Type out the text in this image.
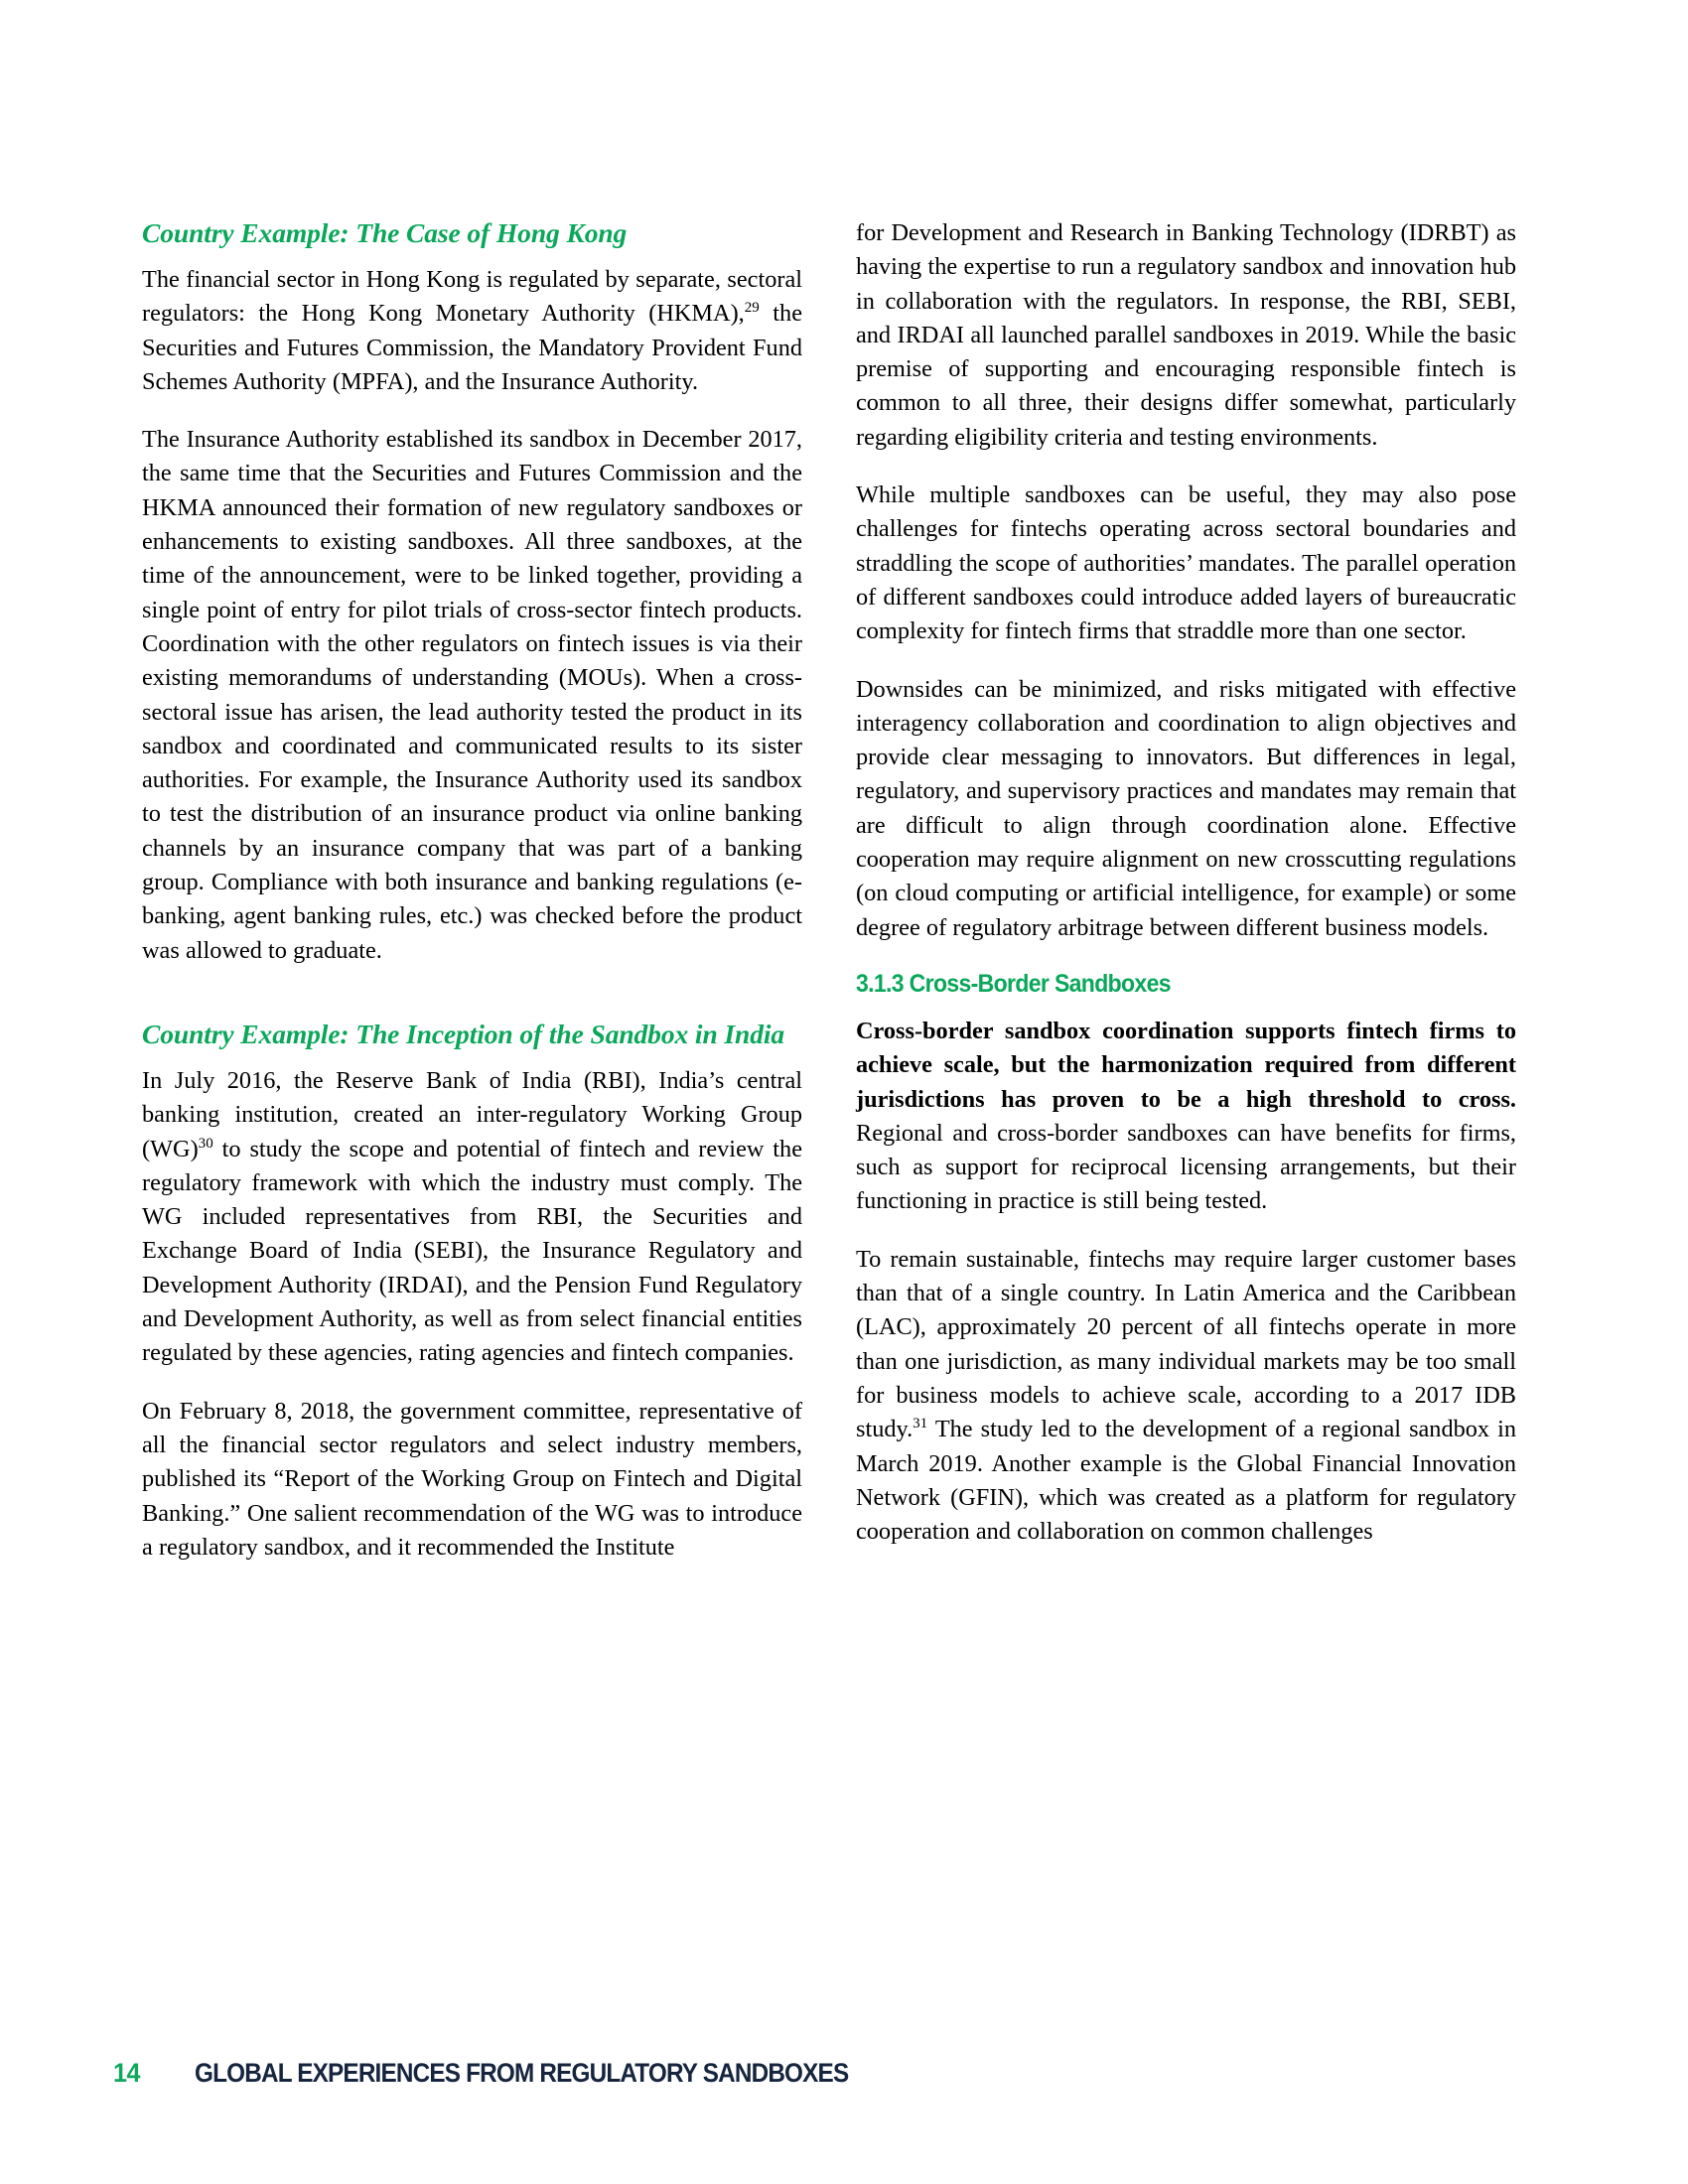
Country Example: The Case of Hong Kong

The financial sector in Hong Kong is regulated by separate, sectoral regulators: the Hong Kong Monetary Authority (HKMA),$^{29}$ the Securities and Futures Commission, the Mandatory Provident Fund Schemes Authority (MPFA), and the Insurance Authority.

The Insurance Authority established its sandbox in December 2017, the same time that the Securities and Futures Commission and the HKMA announced their formation of new regulatory sandboxes or enhancements to existing sandboxes. All three sandboxes, at the time of the announcement, were to be linked together, providing a single point of entry for pilot trials of cross-sector fintech products. Coordination with the other regulators on fintech issues is via their existing memorandums of understanding (MOUs). When a cross-sectoral issue has arisen, the lead authority tested the product in its sandbox and coordinated and communicated results to its sister authorities. For example, the Insurance Authority used its sandbox to test the distribution of an insurance product via online banking channels by an insurance company that was part of a banking group. Compliance with both insurance and banking regulations (e-banking, agent banking rules, etc.) was checked before the product was allowed to graduate.

Country Example: The Inception of the Sandbox in India

In July 2016, the Reserve Bank of India (RBI), India’s central banking institution, created an inter-regulatory Working Group (WG)$^{30}$ to study the scope and potential of fintech and review the regulatory framework with which the industry must comply. The WG included representatives from RBI, the Securities and Exchange Board of India (SEBI), the Insurance Regulatory and Development Authority (IRDAI), and the Pension Fund Regulatory and Development Authority, as well as from select financial entities regulated by these agencies, rating agencies and fintech companies.

On February 8, 2018, the government committee, representative of all the financial sector regulators and select industry members, published its “Report of the Working Group on Fintech and Digital Banking.” One salient recommendation of the WG was to introduce a regulatory sandbox, and it recommended the Institute

for Development and Research in Banking Technology (IDRBT) as having the expertise to run a regulatory sandbox and innovation hub in collaboration with the regulators. In response, the RBI, SEBI, and IRDAI all launched parallel sandboxes in 2019. While the basic premise of supporting and encouraging responsible fintech is common to all three, their designs differ somewhat, particularly regarding eligibility criteria and testing environments.

While multiple sandboxes can be useful, they may also pose challenges for fintechs operating across sectoral boundaries and straddling the scope of authorities’ mandates. The parallel operation of different sandboxes could introduce added layers of bureaucratic complexity for fintech firms that straddle more than one sector.

Downsides can be minimized, and risks mitigated with effective interagency collaboration and coordination to align objectives and provide clear messaging to innovators. But differences in legal, regulatory, and supervisory practices and mandates may remain that are difficult to align through coordination alone. Effective cooperation may require alignment on new crosscutting regulations (on cloud computing or artificial intelligence, for example) or some degree of regulatory arbitrage between different business models.

3.1.3 Cross-Border Sandboxes

Cross-border sandbox coordination supports fintech firms to achieve scale, but the harmonization required from different jurisdictions has proven to be a high threshold to cross. Regional and cross-border sandboxes can have benefits for firms, such as support for reciprocal licensing arrangements, but their functioning in practice is still being tested.

To remain sustainable, fintechs may require larger customer bases than that of a single country. In Latin America and the Caribbean (LAC), approximately 20 percent of all fintechs operate in more than one jurisdiction, as many individual markets may be too small for business models to achieve scale, according to a 2017 IDB study.$^{31}$ The study led to the development of a regional sandbox in March 2019. Another example is the Global Financial Innovation Network (GFIN), which was created as a platform for regulatory cooperation and collaboration on common challenges

14 GLOBAL EXPERIENCES FROM REGULATORY SANDBOXES
